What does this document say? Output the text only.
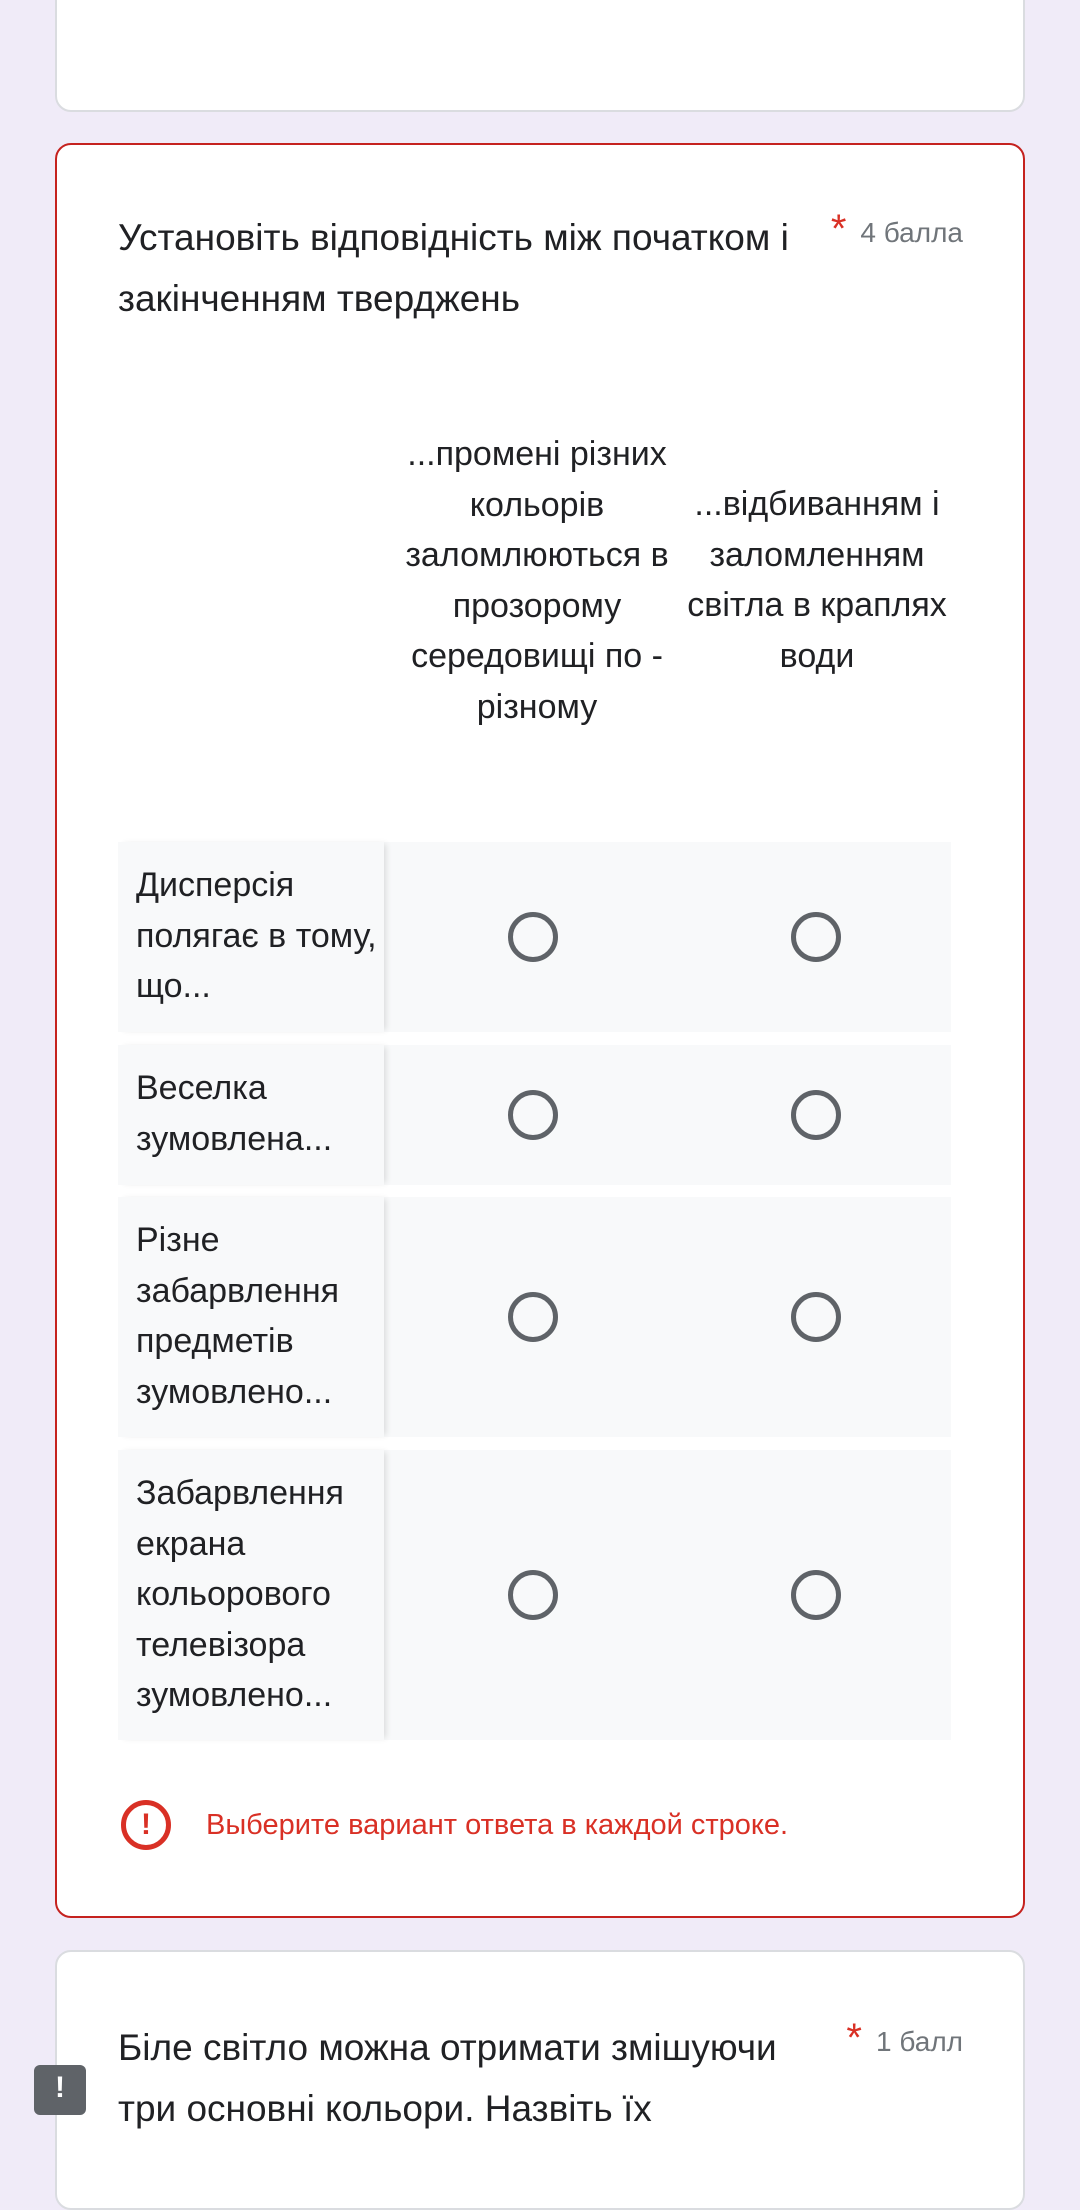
Установіть відповідність між початком і закінченням тверджень
* 4 балла
...промені різних кольорів заломлюються в прозорому середовищі по - різному
...відбиванням і заломленням світла в краплях води
Дисперсія полягає в тому, що...
Веселка зумовлена...
Різне забарвлення предметів зумовлено...
Забарвлення екрана кольорового телевізора зумовлено...
!	Выберите вариант ответа в каждой строке.
Біле світло можна отримати змішуючи три основні кольори. Назвіть їх
* 1 балл
!
